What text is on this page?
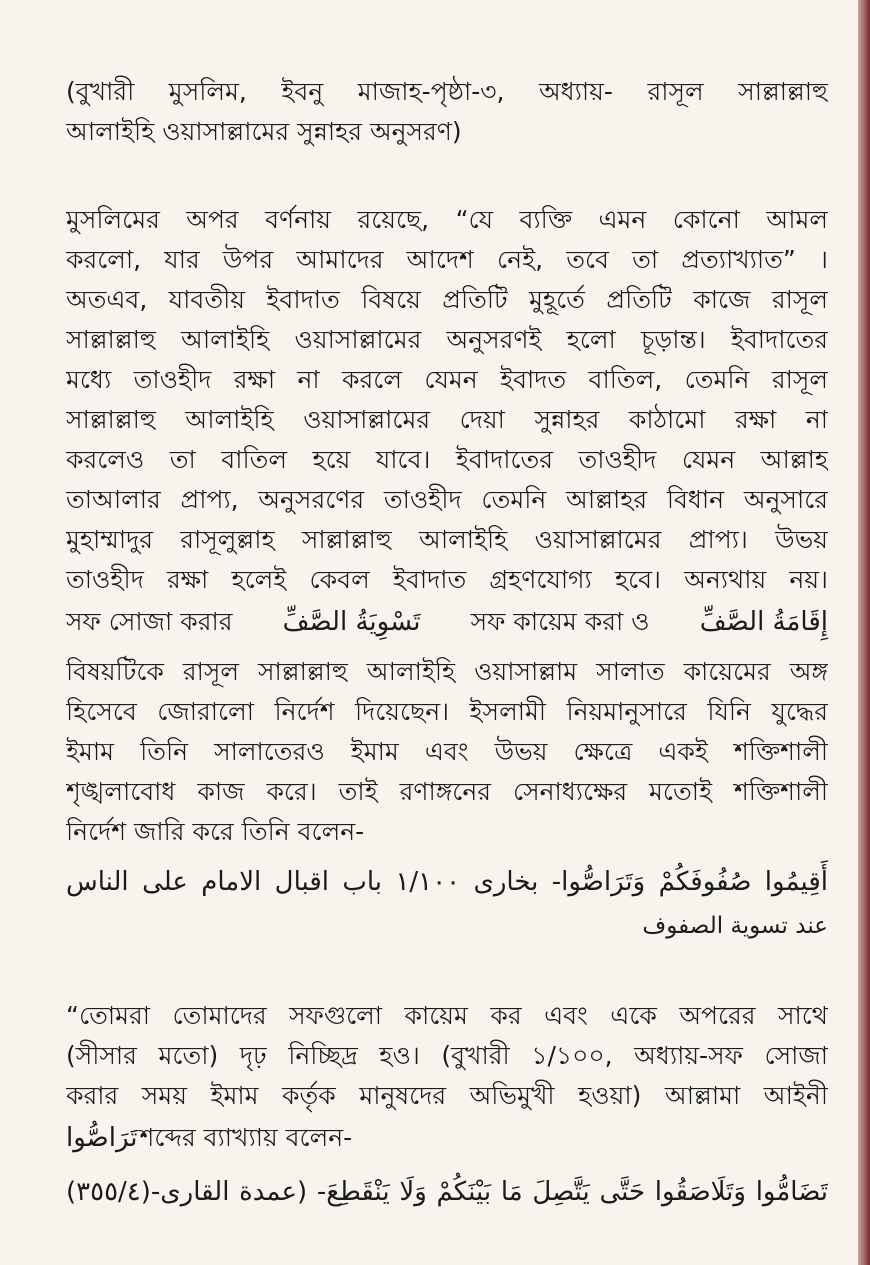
(বুখারী মুসলিম, ইবনু মাজাহ-পৃষ্ঠা-৩, অধ্যায়- রাসূল সাল্লাল্লাহু
আলাইহি ওয়াসাল্লামের সুন্নাহর অনুসরণ)
মুসলিমের অপর বর্ণনায় রয়েছে, “যে ব্যক্তি এমন কোনো আমল
করলো, যার উপর আমাদের আদেশ নেই, তবে তা প্রত্যাখ্যাত” ।
অতএব, যাবতীয় ইবাদাত বিষয়ে প্রতিটি মুহূর্তে প্রতিটি কাজে রাসূল
সাল্লাল্লাহু আলাইহি ওয়াসাল্লামের অনুসরণই হলো চূড়ান্ত। ইবাদাতের
মধ্যে তাওহীদ রক্ষা না করলে যেমন ইবাদত বাতিল, তেমনি রাসূল
সাল্লাল্লাহু আলাইহি ওয়াসাল্লামের দেয়া সুন্নাহর কাঠামো রক্ষা না
করলেও তা বাতিল হয়ে যাবে। ইবাদাতের তাওহীদ যেমন আল্লাহ
তাআলার প্রাপ্য, অনুসরণের তাওহীদ তেমনি আল্লাহর বিধান অনুসারে
মুহাম্মাদুর রাসূলুল্লাহ সাল্লাল্লাহু আলাইহি ওয়াসাল্লামের প্রাপ্য। উভয়
তাওহীদ রক্ষা হলেই কেবল ইবাদাত গ্রহণযোগ্য হবে। অন্যথায় নয়।
إِقَامَةُ الصَّفِّ
সফ কায়েম করা ও
تَسْوِيَةُ الصَّفِّ
সফ সোজা করার
বিষয়টিকে রাসূল সাল্লাল্লাহু আলাইহি ওয়াসাল্লাম সালাত কায়েমের অঙ্গ
হিসেবে জোরালো নির্দেশ দিয়েছেন। ইসলামী নিয়মানুসারে যিনি যুদ্ধের
ইমাম তিনি সালাতেরও ইমাম এবং উভয় ক্ষেত্রে একই শক্তিশালী
শৃঙ্খলাবোধ কাজ করে। তাই রণাঙ্গনের সেনাধ্যক্ষের মতোই শক্তিশালী
নির্দেশ জারি করে তিনি বলেন-
أَقِيمُوا صُفُوفَكُمْ وَتَرَاصُّوا- بخارى ١/١٠٠ باب اقبال الامام على الناس
عند تسوية الصفوف
“তোমরা তোমাদের সফগুলো কায়েম কর এবং একে অপরের সাথে
(সীসার মতো) দৃঢ় নিচ্ছিদ্র হও। (বুখারী ১/১০০, অধ্যায়-সফ সোজা
করার সময় ইমাম কর্তৃক মানুষদের অভিমুখী হওয়া) আল্লামা আইনী
শব্দের ব্যাখ্যায় বলেন-
تَرَاصُّوا
تَضَامُّوا وَتَلَاصَقُوا حَتَّى يَتَّصِلَ مَا بَيْنَكُمْ وَلَا يَنْقَطِعَ- (عمدة القارى-(٣٥٥/٤)
